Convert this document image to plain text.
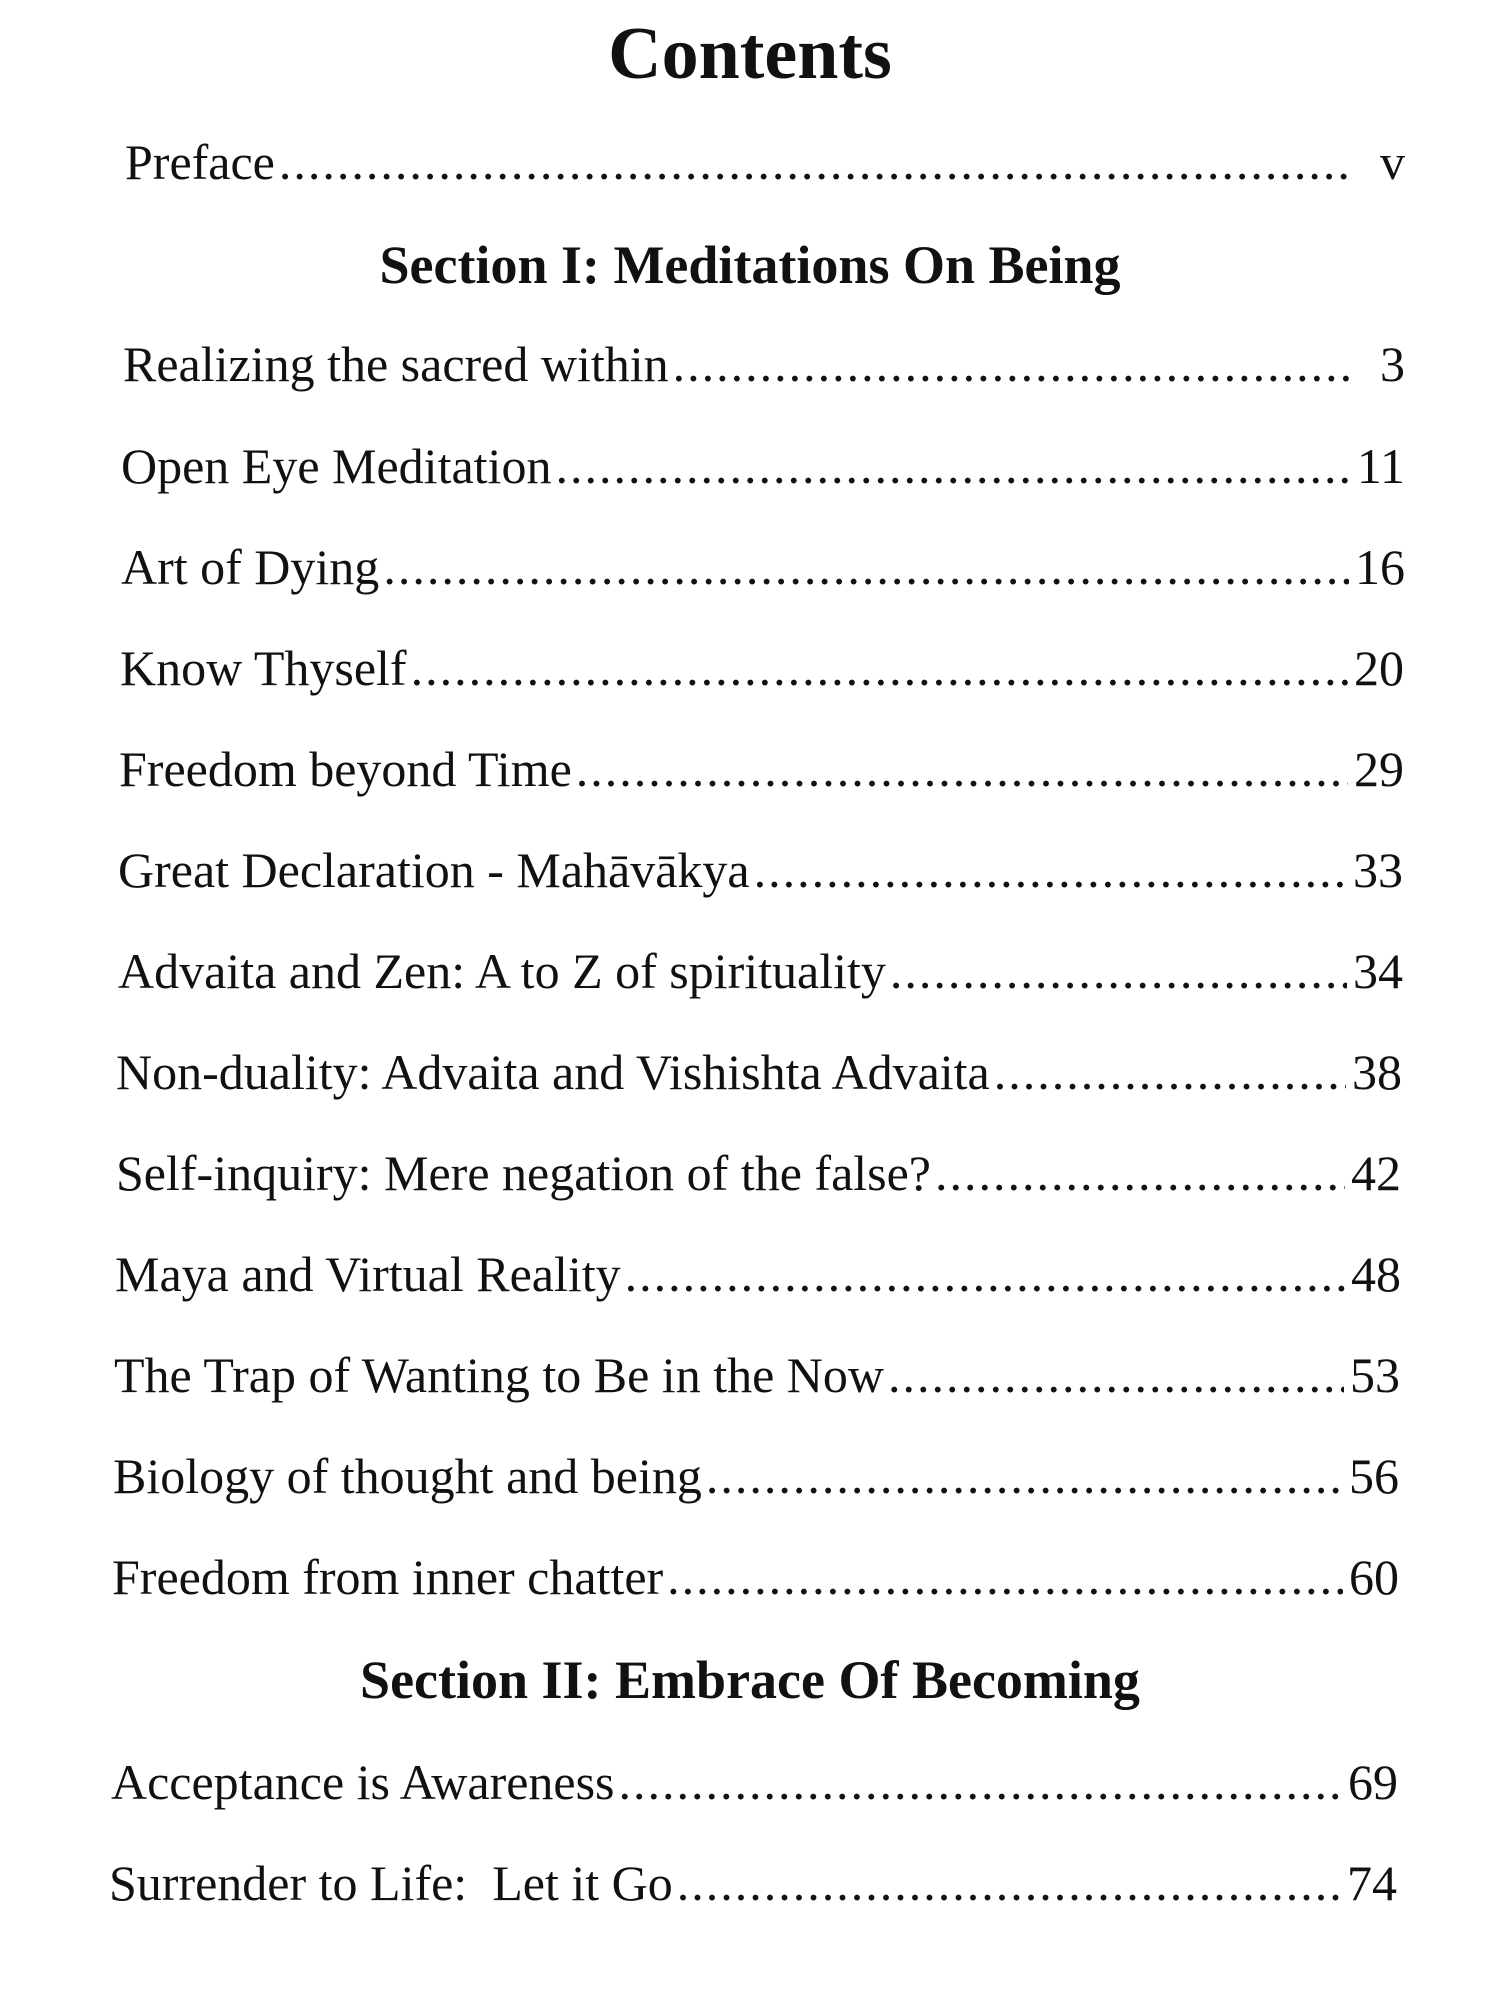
Contents
Preface .....	v
Section I: Meditations On Being
Realizing the sacred within .....	3
Open Eye Meditation .....	11
Art of Dying .....	16
Know Thyself .....	20
Freedom beyond Time .....	29
Great Declaration - Mahāvākya .....	33
Advaita and Zen: A to Z of spirituality .....	34
Non-duality: Advaita and Vishishta Advaita .....	38
Self-inquiry: Mere negation of the false? .....	42
Maya and Virtual Reality .....	48
The Trap of Wanting to Be in the Now .....	53
Biology of thought and being .....	56
Freedom from inner chatter .....	60
Section II: Embrace Of Becoming
Acceptance is Awareness .....	69
Surrender to Life:  Let it Go .....	74
